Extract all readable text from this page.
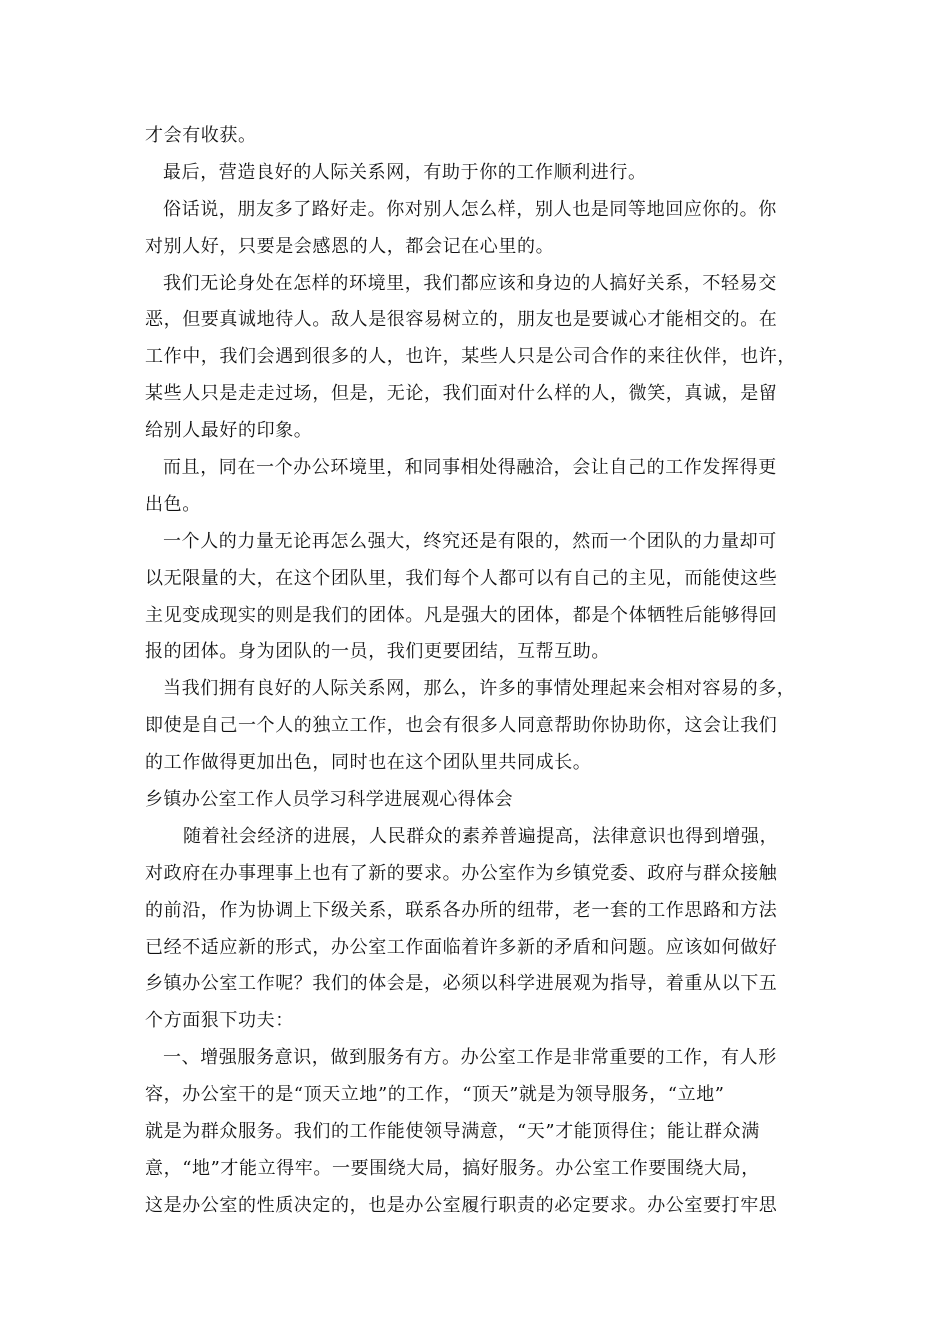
才会有收获。
最后，营造良好的人际关系网，有助于你的工作顺利进行。
俗话说，朋友多了路好走。你对别人怎么样，别人也是同等地回应你的。你
对别人好，只要是会感恩的人，都会记在心里的。
我们无论身处在怎样的环境里，我们都应该和身边的人搞好关系，不轻易交
恶，但要真诚地待人。敌人是很容易树立的，朋友也是要诚心才能相交的。在
工作中，我们会遇到很多的人，也许，某些人只是公司合作的来往伙伴，也许，
某些人只是走走过场，但是，无论，我们面对什么样的人，微笑，真诚，是留
给别人最好的印象。
而且，同在一个办公环境里，和同事相处得融洽，会让自己的工作发挥得更
出色。
一个人的力量无论再怎么强大，终究还是有限的，然而一个团队的力量却可
以无限量的大，在这个团队里，我们每个人都可以有自己的主见，而能使这些
主见变成现实的则是我们的团体。凡是强大的团体，都是个体牺牲后能够得回
报的团体。身为团队的一员，我们更要团结，互帮互助。
当我们拥有良好的人际关系网，那么，许多的事情处理起来会相对容易的多，
即使是自己一个人的独立工作，也会有很多人同意帮助你协助你，这会让我们
的工作做得更加出色，同时也在这个团队里共同成长。
乡镇办公室工作人员学习科学进展观心得体会
随着社会经济的进展，人民群众的素养普遍提高，法律意识也得到增强，
对政府在办事理事上也有了新的要求。办公室作为乡镇党委、政府与群众接触
的前沿，作为协调上下级关系，联系各办所的纽带，老一套的工作思路和方法
已经不适应新的形式，办公室工作面临着许多新的矛盾和问题。应该如何做好
乡镇办公室工作呢？我们的体会是，必须以科学进展观为指导，着重从以下五
个方面狠下功夫：
一、增强服务意识，做到服务有方。办公室工作是非常重要的工作，有人形
容，办公室干的是“顶天立地”的工作，“顶天”就是为领导服务，“立地”
就是为群众服务。我们的工作能使领导满意，“天”才能顶得住；能让群众满
意，“地”才能立得牢。一要围绕大局，搞好服务。办公室工作要围绕大局，
这是办公室的性质决定的，也是办公室履行职责的必定要求。办公室要打牢思
